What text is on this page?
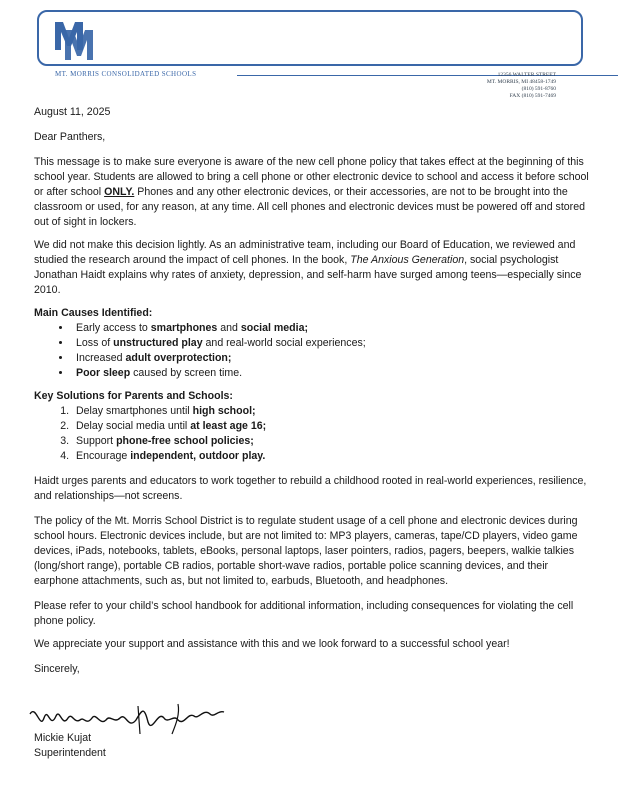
MT. MORRIS CONSOLIDATED SCHOOLS	12356 WALTER STREET
MT. MORRIS, MI 48458-1749
(810) 591-8760
FAX (810) 591-7469

August 11, 2025

Dear Panthers,

This message is to make sure everyone is aware of the new cell phone policy that takes effect at the beginning of this school year. Students are allowed to bring a cell phone or other electronic device to school and access it before school or after school ONLY. Phones and any other electronic devices, or their accessories, are not to be brought into the classroom or used, for any reason, at any time. All cell phones and electronic devices must be powered off and stored out of sight in lockers.

We did not make this decision lightly. As an administrative team, including our Board of Education, we reviewed and studied the research around the impact of cell phones. In the book, The Anxious Generation, social psychologist Jonathan Haidt explains why rates of anxiety, depression, and self-harm have surged among teens—especially since 2010.

Main Causes Identified:

• Early access to smartphones and social media;
• Loss of unstructured play and real-world social experiences;
• Increased adult overprotection;
• Poor sleep caused by screen time.

Key Solutions for Parents and Schools:

1. Delay smartphones until high school;
2. Delay social media until at least age 16;
3. Support phone-free school policies;
4. Encourage independent, outdoor play.

Haidt urges parents and educators to work together to rebuild a childhood rooted in real-world experiences, resilience, and relationships—not screens.

The policy of the Mt. Morris School District is to regulate student usage of a cell phone and electronic devices during school hours. Electronic devices include, but are not limited to: MP3 players, cameras, tape/CD players, video game devices, iPads, notebooks, tablets, eBooks, personal laptops, laser pointers, radios, pagers, beepers, walkie talkies (long/short range), portable CB radios, portable short-wave radios, portable police scanning devices, and their earphone attachments, such as, but not limited to, earbuds, Bluetooth, and headphones.

Please refer to your child’s school handbook for additional information, including consequences for violating the cell phone policy.

We appreciate your support and assistance with this and we look forward to a successful school year!

Sincerely,

Mickie Kujat
Superintendent
